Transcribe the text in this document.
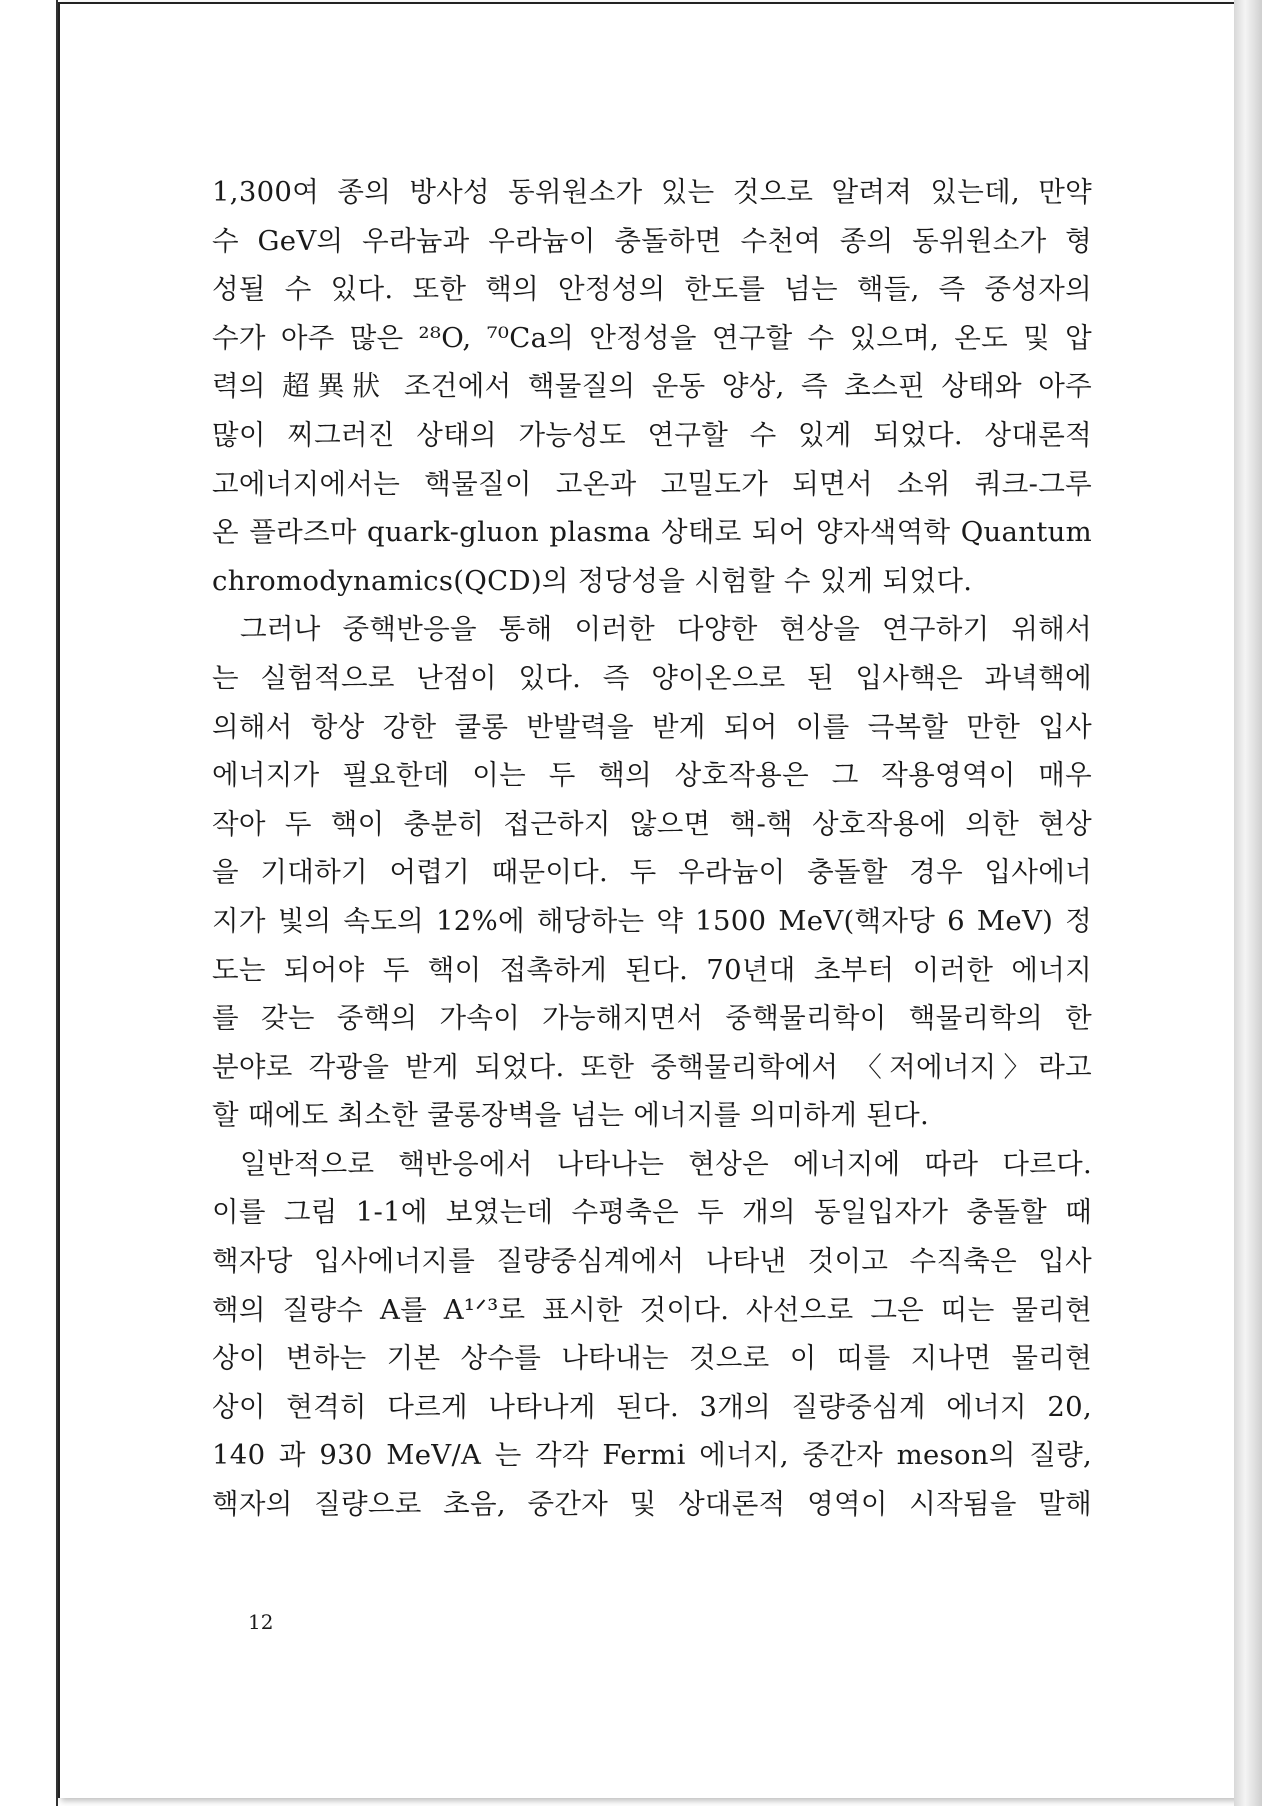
1,300여 종의 방사성 동위원소가 있는 것으로 알려져 있는데, 만약
수 GeV의 우라늄과 우라늄이 충돌하면 수천여 종의 동위원소가 형
성될 수 있다. 또한 핵의 안정성의 한도를 넘는 핵들, 즉 중성자의
수가 아주 많은 ²⁸O, ⁷⁰Ca의 안정성을 연구할 수 있으며, 온도 및 압
력의 超異狀 조건에서 핵물질의 운동 양상, 즉 초스핀 상태와 아주
많이 찌그러진 상태의 가능성도 연구할 수 있게 되었다. 상대론적
고에너지에서는 핵물질이 고온과 고밀도가 되면서 소위 쿼크-그루
온 플라즈마 quark-gluon plasma 상태로 되어 양자색역학 Quantum
chromodynamics(QCD)의 정당성을 시험할 수 있게 되었다.
그러나 중핵반응을 통해 이러한 다양한 현상을 연구하기 위해서
는 실험적으로 난점이 있다. 즉 양이온으로 된 입사핵은 과녁핵에
의해서 항상 강한 쿨롱 반발력을 받게 되어 이를 극복할 만한 입사
에너지가 필요한데 이는 두 핵의 상호작용은 그 작용영역이 매우
작아 두 핵이 충분히 접근하지 않으면 핵-핵 상호작용에 의한 현상
을 기대하기 어렵기 때문이다. 두 우라늄이 충돌할 경우 입사에너
지가 빛의 속도의 12%에 해당하는 약 1500 MeV(핵자당 6 MeV) 정
도는 되어야 두 핵이 접촉하게 된다. 70년대 초부터 이러한 에너지
를 갖는 중핵의 가속이 가능해지면서 중핵물리학이 핵물리학의 한
분야로 각광을 받게 되었다. 또한 중핵물리학에서 〈저에너지〉라고
할 때에도 최소한 쿨롱장벽을 넘는 에너지를 의미하게 된다.
일반적으로 핵반응에서 나타나는 현상은 에너지에 따라 다르다.
이를 그림 1-1에 보였는데 수평축은 두 개의 동일입자가 충돌할 때
핵자당 입사에너지를 질량중심계에서 나타낸 것이고 수직축은 입사
핵의 질량수 A를 A¹ᐟ³로 표시한 것이다. 사선으로 그은 띠는 물리현
상이 변하는 기본 상수를 나타내는 것으로 이 띠를 지나면 물리현
상이 현격히 다르게 나타나게 된다. 3개의 질량중심계 에너지 20,
140 과 930 MeV/A 는 각각 Fermi 에너지, 중간자 meson의 질량,
핵자의 질량으로 초음, 중간자 및 상대론적 영역이 시작됨을 말해
12
